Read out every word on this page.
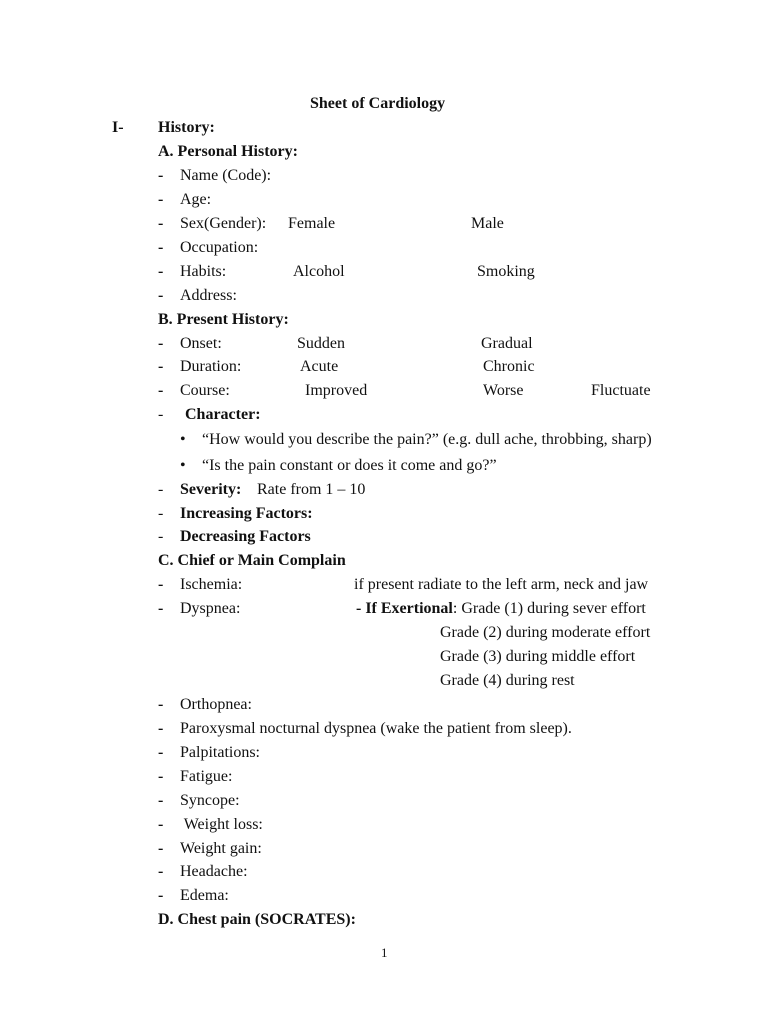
Sheet of Cardiology
I- History:
A. Personal History:
- Name (Code):
- Age:
- Sex(Gender): Female	Male
- Occupation:
- Habits:	Alcohol	Smoking
- Address:
B. Present History:
- Onset:	Sudden	Gradual
- Duration:	Acute	Chronic
- Course:	Improved	Worse	Fluctuate
- Character:
• “How would you describe the pain?” (e.g. dull ache, throbbing, sharp)
• “Is the pain constant or does it come and go?”
- Severity: Rate from 1 – 10
- Increasing Factors:
- Decreasing Factors
C. Chief or Main Complain
- Ischemia:	if present radiate to the left arm, neck and jaw
- Dyspnea:	- If Exertional: Grade (1) during sever effort
Grade (2) during moderate effort
Grade (3) during middle effort
Grade (4) during rest
- Orthopnea:
- Paroxysmal nocturnal dyspnea (wake the patient from sleep).
- Palpitations:
- Fatigue:
- Syncope:
- Weight loss:
- Weight gain:
- Headache:
- Edema:
D. Chest pain (SOCRATES):
1
